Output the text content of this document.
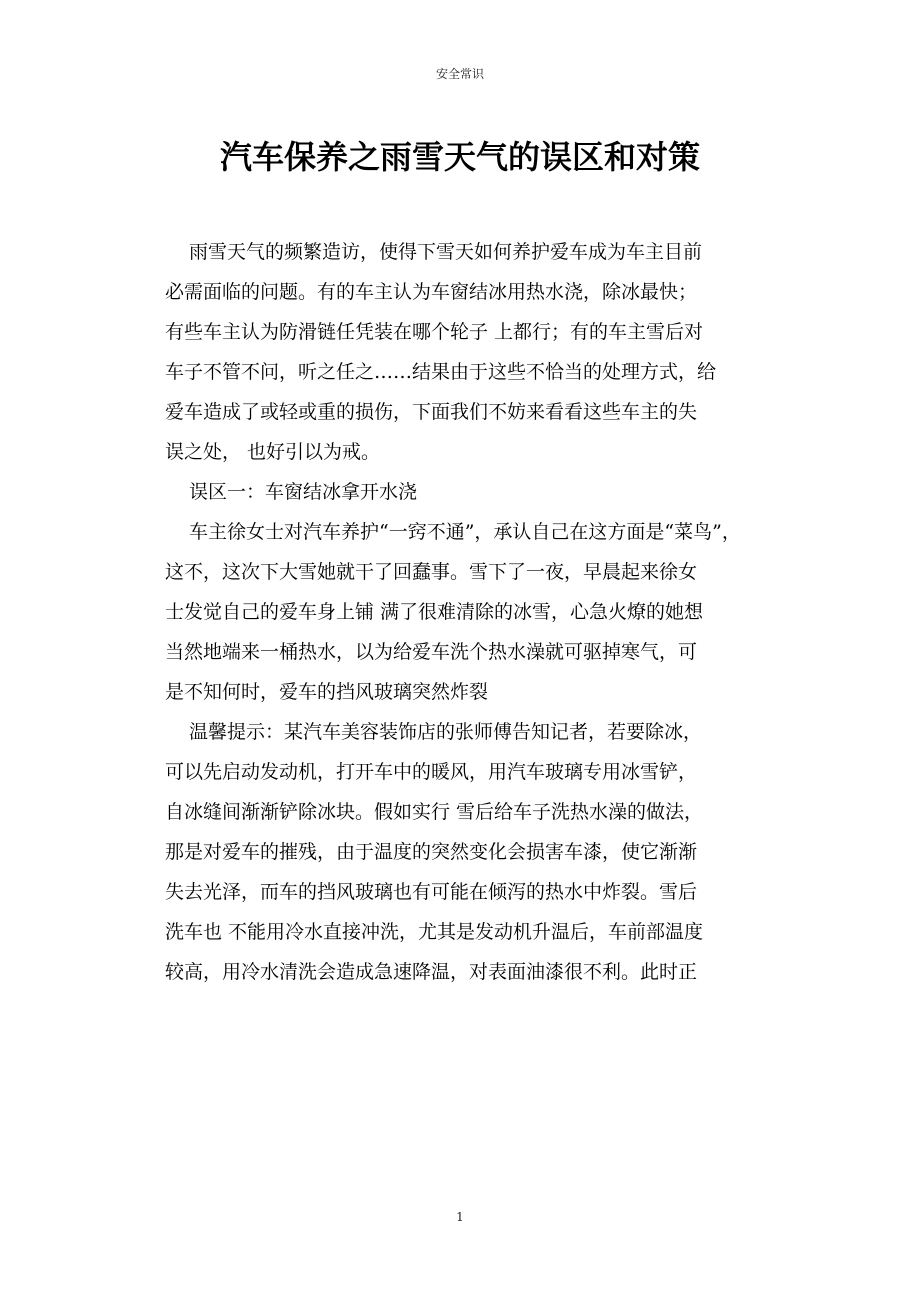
安全常识
汽车保养之雨雪天气的误区和对策
雨雪天气的频繁造访，使得下雪天如何养护爱车成为车主目前
必需面临的问题。有的车主认为车窗结冰用热水浇，除冰最快；
有些车主认为防滑链任凭装在哪个轮子 上都行；有的车主雪后对
车子不管不问，听之任之……结果由于这些不恰当的处理方式，给
爱车造成了或轻或重的损伤，下面我们不妨来看看这些车主的失
误之处， 也好引以为戒。
误区一：车窗结冰拿开水浇
车主徐女士对汽车养护“一窍不通”，承认自己在这方面是“菜鸟”，
这不，这次下大雪她就干了回蠢事。雪下了一夜，早晨起来徐女
士发觉自己的爱车身上铺 满了很难清除的冰雪，心急火燎的她想
当然地端来一桶热水，以为给爱车洗个热水澡就可驱掉寒气，可
是不知何时，爱车的挡风玻璃突然炸裂
温馨提示：某汽车美容装饰店的张师傅告知记者，若要除冰，
可以先启动发动机，打开车中的暖风，用汽车玻璃专用冰雪铲，
自冰缝间渐渐铲除冰块。假如实行 雪后给车子洗热水澡的做法，
那是对爱车的摧残，由于温度的突然变化会损害车漆，使它渐渐
失去光泽，而车的挡风玻璃也有可能在倾泻的热水中炸裂。雪后
洗车也 不能用冷水直接冲洗，尤其是发动机升温后，车前部温度
较高，用冷水清洗会造成急速降温，对表面油漆很不利。此时正
1
